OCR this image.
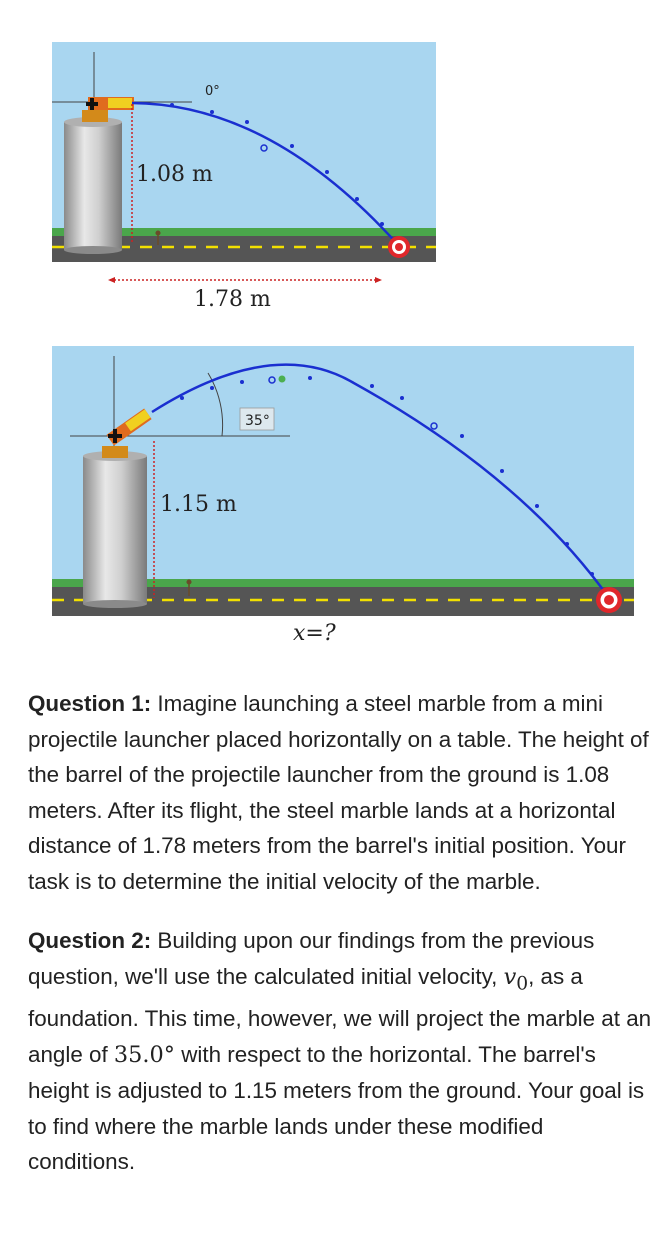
0°
1.08 m
1.78 m
35°
1.15 m
x=?

Question 1: Imagine launching a steel marble from a mini projectile launcher placed horizontally on a table. The height of the barrel of the projectile launcher from the ground is 1.08 meters. After its flight, the steel marble lands at a horizontal distance of 1.78 meters from the barrel's initial position. Your task is to determine the initial velocity of the marble.

Question 2: Building upon our findings from the previous question, we'll use the calculated initial velocity, $v_0$, as a foundation. This time, however, we will project the marble at an angle of 35.0° with respect to the horizontal. The barrel's height is adjusted to 1.15 meters from the ground. Your goal is to find where the marble lands under these modified conditions.
